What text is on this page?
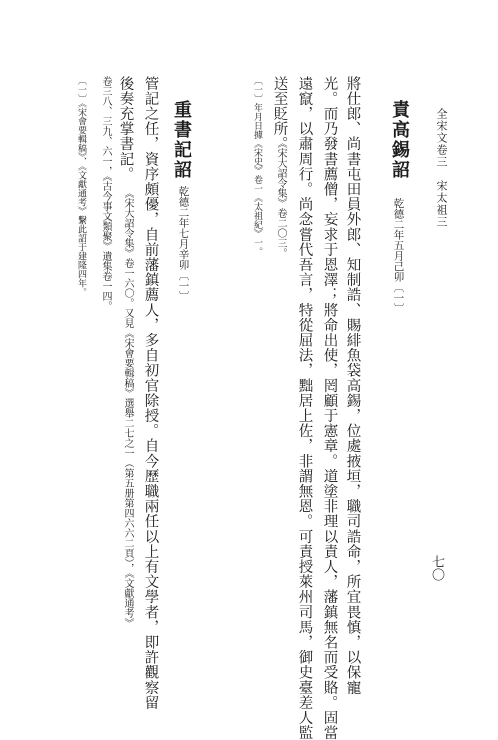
全宋文卷三　宋太祖三
七〇
責高錫詔
乾德二年五月己卯〔一〕
將仕郎、尚書屯田員外郎、知制誥、賜緋魚袋高錫，位處掖垣，職司誥命，所宜畏慎，以保寵
光。而乃發書薦僧，妄求于恩澤；將命出使，罔顧于憲章。道塗非理以責人，藩鎮無名而受賂。固當
遠竄，以肅周行。尚念嘗代吾言，特從屈法，黜居上佐，非謂無恩。可責授萊州司馬，御史臺差人監
送至貶所。
《宋大詔令集》卷二〇三。
〔一〕年月日據《宋史》卷一《太祖紀》一。
重書記詔
乾德二年七月辛卯〔一〕
管記之任，資序頗優，自前藩鎮薦人，多自初官除授。自今歷職兩任以上有文學者，即許觀察留
後奏充掌書記。
《宋大詔令集》卷一六〇。又見《宋會要輯稿》選舉二七之一（第五册第四六六二頁），《文獻通考》
卷三八、三九、六一，《古今事文類聚》遺集卷一四。
〔一〕《宋會要輯稿》、《文獻通考》繫此詔于建隆四年。
